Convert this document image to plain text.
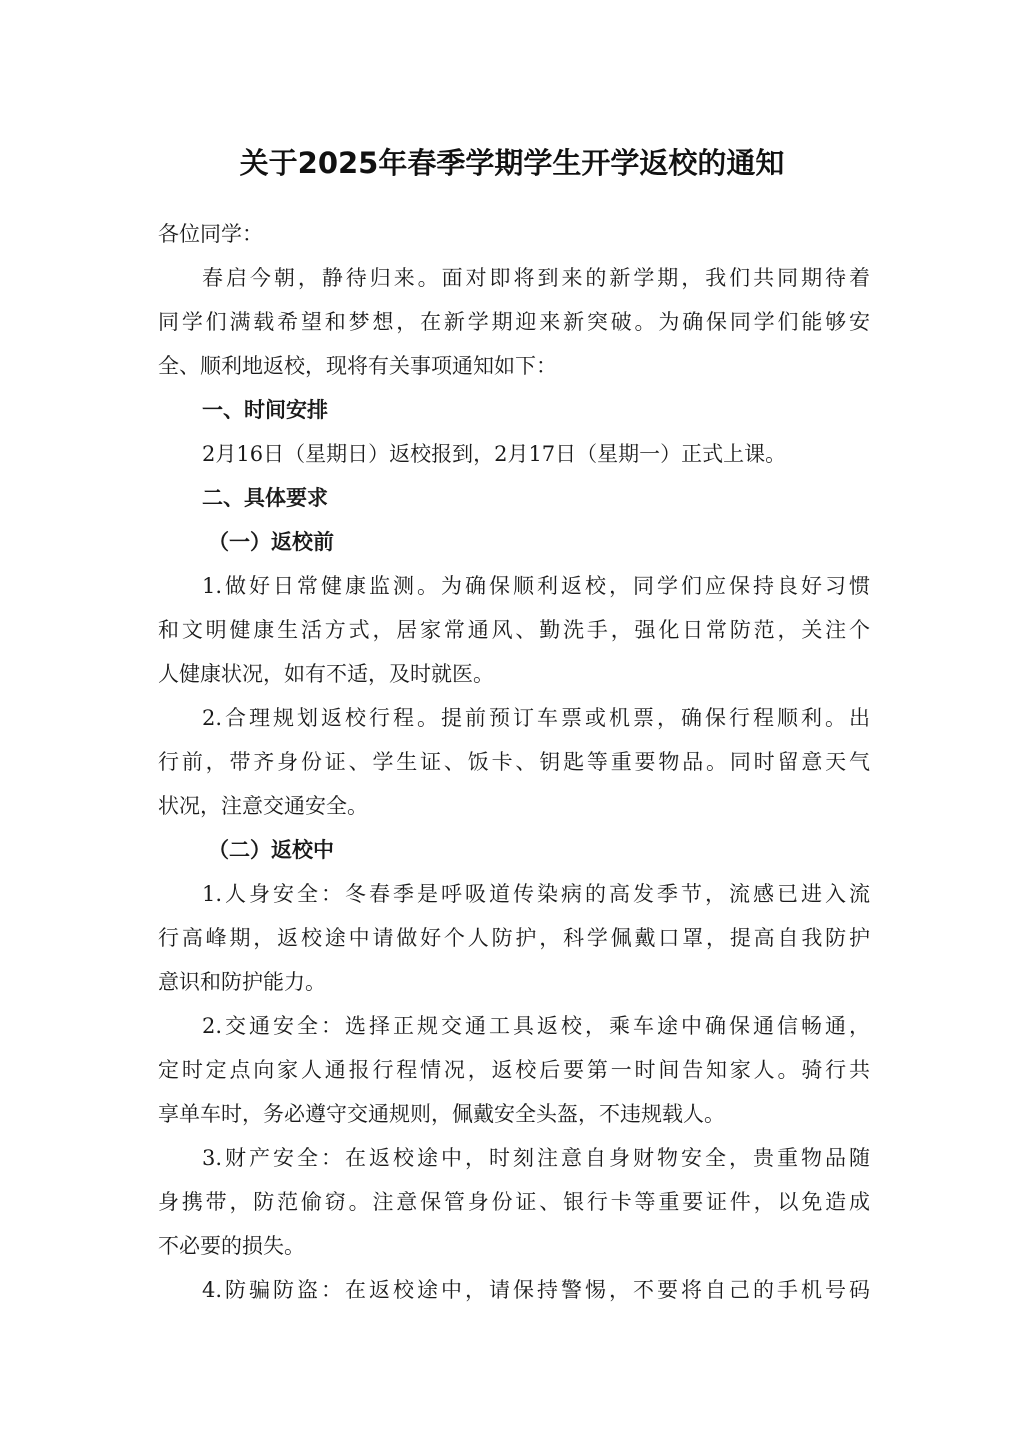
关于2025年春季学期学生开学返校的通知
各位同学：
春启今朝，静待归来。面对即将到来的新学期，我们共同期待着
同学们满载希望和梦想，在新学期迎来新突破。为确保同学们能够安
全、顺利地返校，现将有关事项通知如下：
一、时间安排
2月16日（星期日）返校报到，2月17日（星期一）正式上课。
二、具体要求
（一）返校前
1.做好日常健康监测。为确保顺利返校，同学们应保持良好习惯
和文明健康生活方式，居家常通风、勤洗手，强化日常防范，关注个
人健康状况，如有不适，及时就医。
2.合理规划返校行程。提前预订车票或机票，确保行程顺利。出
行前，带齐身份证、学生证、饭卡、钥匙等重要物品。同时留意天气
状况，注意交通安全。
（二）返校中
1.人身安全：冬春季是呼吸道传染病的高发季节，流感已进入流
行高峰期，返校途中请做好个人防护，科学佩戴口罩，提高自我防护
意识和防护能力。
2.交通安全：选择正规交通工具返校，乘车途中确保通信畅通，
定时定点向家人通报行程情况，返校后要第一时间告知家人。骑行共
享单车时，务必遵守交通规则，佩戴安全头盔，不违规载人。
3.财产安全：在返校途中，时刻注意自身财物安全，贵重物品随
身携带，防范偷窃。注意保管身份证、银行卡等重要证件，以免造成
不必要的损失。
4.防骗防盗：在返校途中，请保持警惕，不要将自己的手机号码
